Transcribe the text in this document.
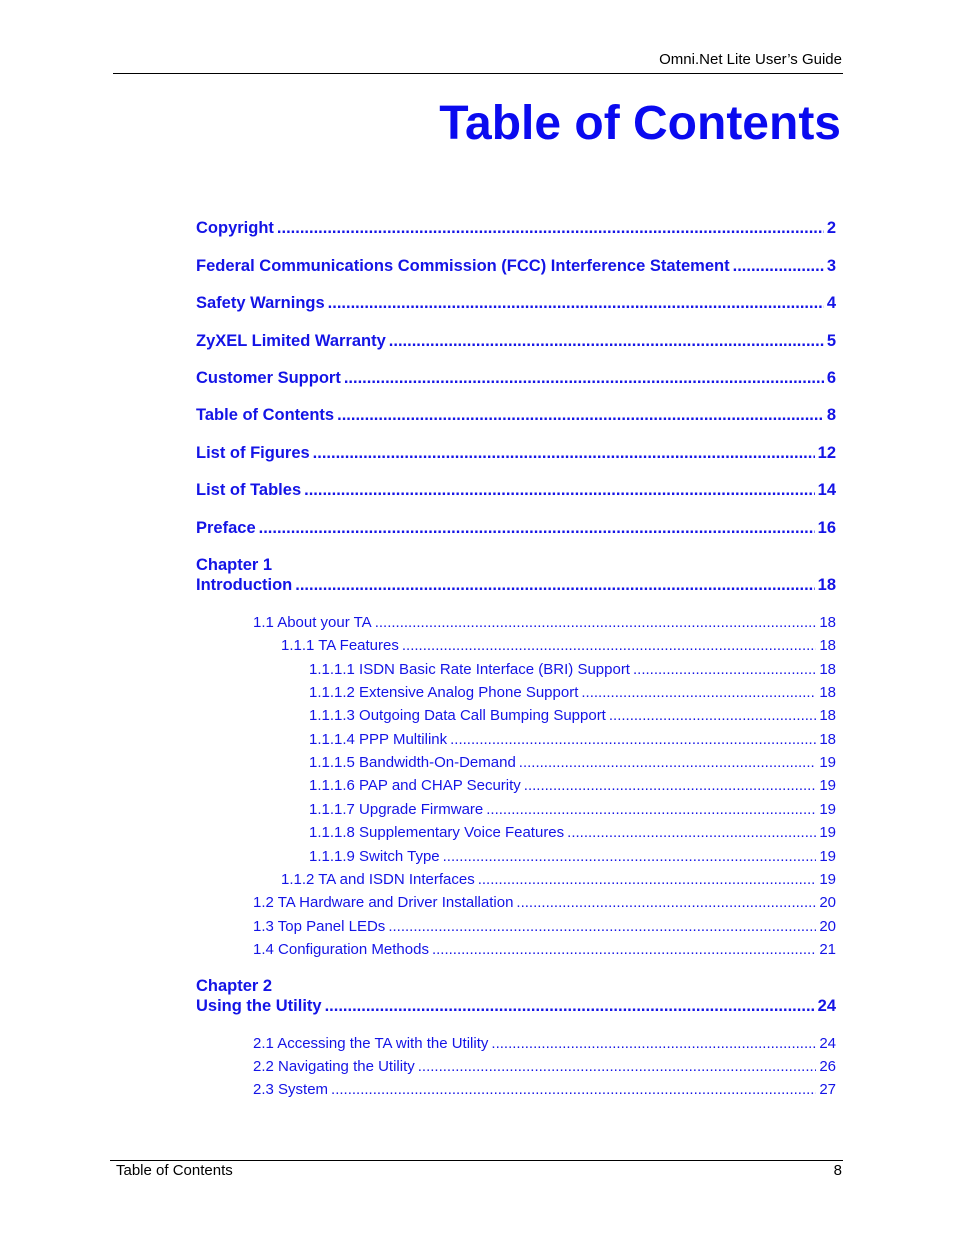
Omni.Net Lite User’s Guide
Table of Contents
Copyright .....	2
Federal Communications Commission (FCC) Interference Statement .....	3
Safety Warnings .....	4
ZyXEL Limited Warranty .....	5
Customer Support .....	6
Table of Contents .....	8
List of Figures .....	12
List of Tables .....	14
Preface .....	16
Chapter 1
Introduction .....	18
1.1 About your TA .....	18
1.1.1 TA Features .....	18
1.1.1.1 ISDN Basic Rate Interface (BRI) Support .....	18
1.1.1.2 Extensive Analog Phone Support .....	18
1.1.1.3 Outgoing Data Call Bumping Support .....	18
1.1.1.4 PPP Multilink .....	18
1.1.1.5 Bandwidth-On-Demand .....	19
1.1.1.6 PAP and CHAP Security .....	19
1.1.1.7 Upgrade Firmware .....	19
1.1.1.8 Supplementary Voice Features .....	19
1.1.1.9 Switch Type .....	19
1.1.2 TA and ISDN Interfaces .....	19
1.2 TA Hardware and Driver Installation .....	20
1.3 Top Panel LEDs .....	20
1.4 Configuration Methods .....	21
Chapter 2
Using the Utility .....	24
2.1 Accessing the TA with the Utility .....	24
2.2 Navigating the Utility .....	26
2.3 System .....	27
Table of Contents	8
